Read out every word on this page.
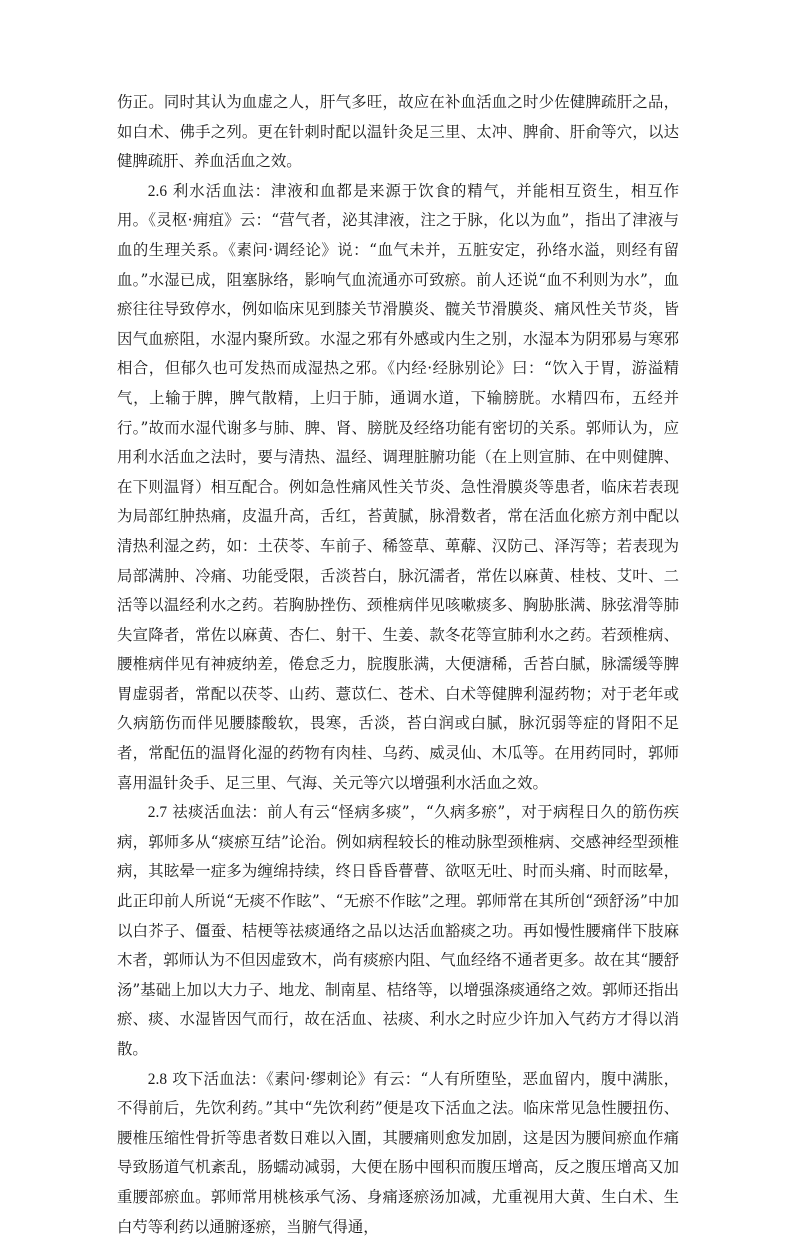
伤正。同时其认为血虚之人，肝气多旺，故应在补血活血之时少佐健脾疏肝之品，如白术、佛手之列。更在针刺时配以温针灸足三里、太冲、脾俞、肝俞等穴，以达健脾疏肝、养血活血之效。

2.6 利水活血法：津液和血都是来源于饮食的精气，并能相互资生，相互作用。《灵枢·痈疽》云：“营气者，泌其津液，注之于脉，化以为血”，指出了津液与血的生理关系。《素问·调经论》说：“血气未并，五脏安定，孙络水溢，则经有留血。”水湿已成，阻塞脉络，影响气血流通亦可致瘀。前人还说“血不利则为水”，血瘀往往导致停水，例如临床见到膝关节滑膜炎、髋关节滑膜炎、痛风性关节炎，皆因气血瘀阻，水湿内聚所致。水湿之邪有外感或内生之别，水湿本为阴邪易与寒邪相合，但郁久也可发热而成湿热之邪。《内经·经脉别论》曰：“饮入于胃，游溢精气，上输于脾，脾气散精，上归于肺，通调水道，下输膀胱。水精四布，五经并行。”故而水湿代谢多与肺、脾、肾、膀胱及经络功能有密切的关系。郭师认为，应用利水活血之法时，要与清热、温经、调理脏腑功能（在上则宣肺、在中则健脾、在下则温肾）相互配合。例如急性痛风性关节炎、急性滑膜炎等患者，临床若表现为局部红肿热痛，皮温升高，舌红，苔黄腻，脉滑数者，常在活血化瘀方剂中配以清热利湿之药，如：土茯苓、车前子、稀签草、萆薢、汉防己、泽泻等；若表现为局部满肿、冷痛、功能受限，舌淡苔白，脉沉濡者，常佐以麻黄、桂枝、艾叶、二活等以温经利水之药。若胸胁挫伤、颈椎病伴见咳嗽痰多、胸胁胀满、脉弦滑等肺失宣降者，常佐以麻黄、杏仁、射干、生姜、款冬花等宣肺利水之药。若颈椎病、腰椎病伴见有神疲纳差，倦怠乏力，脘腹胀满，大便溏稀，舌苔白腻，脉濡缓等脾胃虚弱者，常配以茯苓、山药、薏苡仁、苍术、白术等健脾利湿药物；对于老年或久病筋伤而伴见腰膝酸软，畏寒，舌淡，苔白润或白腻，脉沉弱等症的肾阳不足者，常配伍的温肾化湿的药物有肉桂、乌药、威灵仙、木瓜等。在用药同时，郭师喜用温针灸手、足三里、气海、关元等穴以增强利水活血之效。

2.7 祛痰活血法：前人有云“怪病多痰”，“久病多瘀”，对于病程日久的筋伤疾病，郭师多从“痰瘀互结”论治。例如病程较长的椎动脉型颈椎病、交感神经型颈椎病，其眩晕一症多为缠绵持续，终日昏昏瞢瞢、欲呕无吐、时而头痛、时而眩晕，此正印前人所说“无痰不作眩”、“无瘀不作眩”之理。郭师常在其所创“颈舒汤”中加以白芥子、僵蚕、桔梗等祛痰通络之品以达活血豁痰之功。再如慢性腰痛伴下肢麻木者，郭师认为不但因虚致木，尚有痰瘀内阻、气血经络不通者更多。故在其“腰舒汤”基础上加以大力子、地龙、制南星、桔络等，以增强涤痰通络之效。郭师还指出瘀、痰、水湿皆因气而行，故在活血、祛痰、利水之时应少许加入气药方才得以消散。

2.8 攻下活血法：《素问·缪刺论》有云：“人有所堕坠，恶血留内，腹中满胀，不得前后，先饮利药。”其中“先饮利药”便是攻下活血之法。临床常见急性腰扭伤、腰椎压缩性骨折等患者数日难以入圊，其腰痛则愈发加剧，这是因为腰间瘀血作痛导致肠道气机紊乱，肠蠕动减弱，大便在肠中囤积而腹压增高，反之腹压增高又加重腰部瘀血。郭师常用桃核承气汤、身痛逐瘀汤加减，尤重视用大黄、生白术、生白芍等利药以通腑逐瘀，当腑气得通，
